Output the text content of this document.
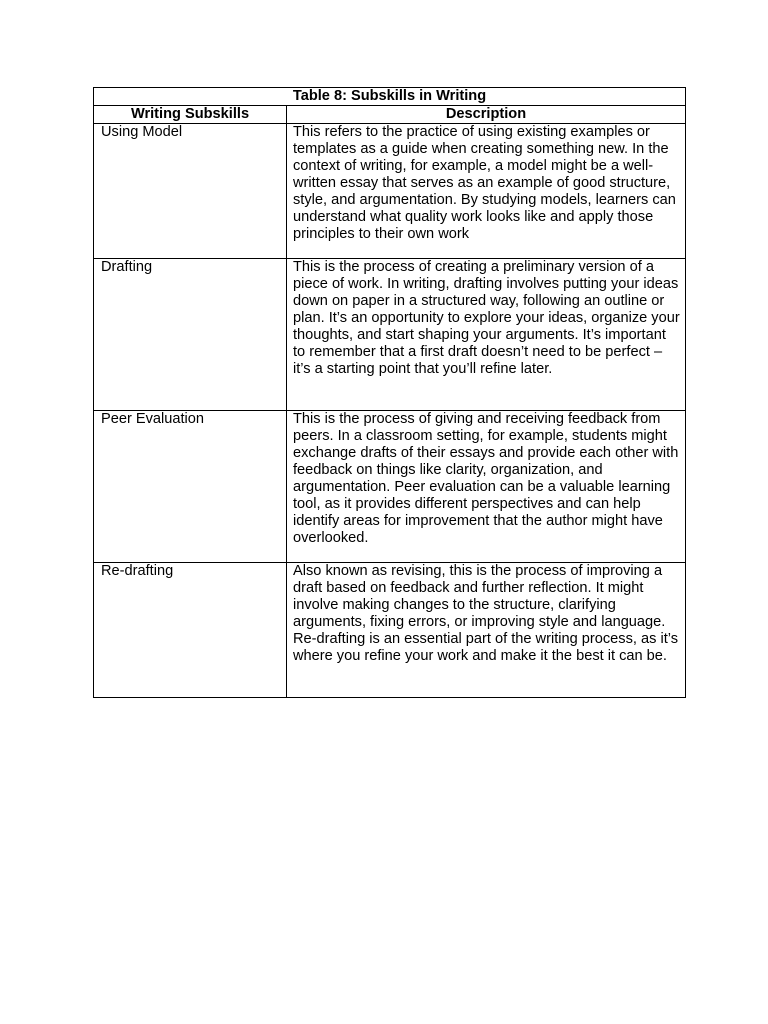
Table 8: Subskills in Writing	
Writing Subskills	Description
Using Model	This refers to the practice of using existing examples or templates as a guide when creating something new. In the context of writing, for example, a model might be a well-written essay that serves as an example of good structure, style, and argumentation. By studying models, learners can understand what quality work looks like and apply those principles to their own work
Drafting	This is the process of creating a preliminary version of a piece of work. In writing, drafting involves putting your ideas down on paper in a structured way, following an outline or plan. It’s an opportunity to explore your ideas, organize your thoughts, and start shaping your arguments. It’s important to remember that a first draft doesn’t need to be perfect – it’s a starting point that you’ll refine later.
Peer Evaluation	This is the process of giving and receiving feedback from peers. In a classroom setting, for example, students might exchange drafts of their essays and provide each other with feedback on things like clarity, organization, and argumentation. Peer evaluation can be a valuable learning tool, as it provides different perspectives and can help identify areas for improvement that the author might have overlooked.
Re-drafting	Also known as revising, this is the process of improving a draft based on feedback and further reflection. It might involve making changes to the structure, clarifying arguments, fixing errors, or improving style and language. Re-drafting is an essential part of the writing process, as it’s where you refine your work and make it the best it can be.
